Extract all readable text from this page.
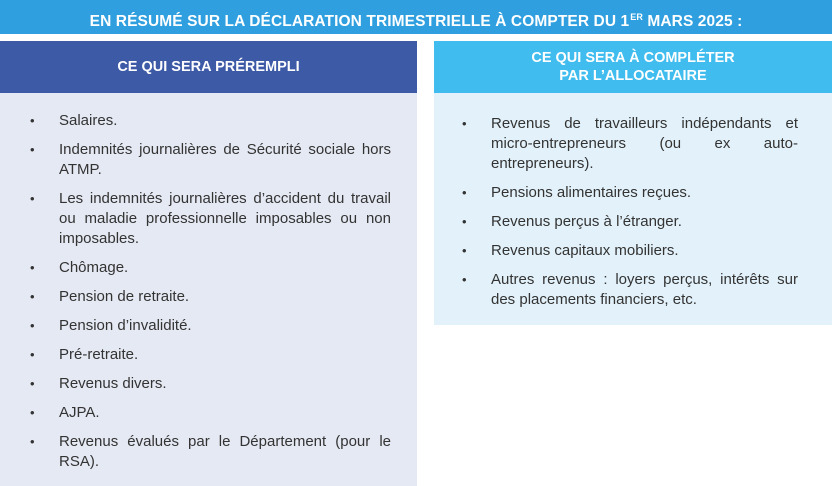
EN RÉSUMÉ SUR LA DÉCLARATION TRIMESTRIELLE À COMPTER DU 1ER MARS 2025 :
CE QUI SERA PRÉREMPLI
• Salaires.
• Indemnités journalières de Sécurité sociale hors ATMP.
• Les indemnités journalières d’accident du travail ou maladie professionnelle imposables ou non imposables.
• Chômage.
• Pension de retraite.
• Pension d’invalidité.
• Pré-retraite.
• Revenus divers.
• AJPA.
• Revenus évalués par le Département (pour le RSA).
CE QUI SERA À COMPLÉTER
PAR L’ALLOCATAIRE
• Revenus de travailleurs indépendants et micro-entrepreneurs (ou ex auto-entrepreneurs).
• Pensions alimentaires reçues.
• Revenus perçus à l’étranger.
• Revenus capitaux mobiliers.
• Autres revenus : loyers perçus, intérêts sur des placements financiers, etc.
